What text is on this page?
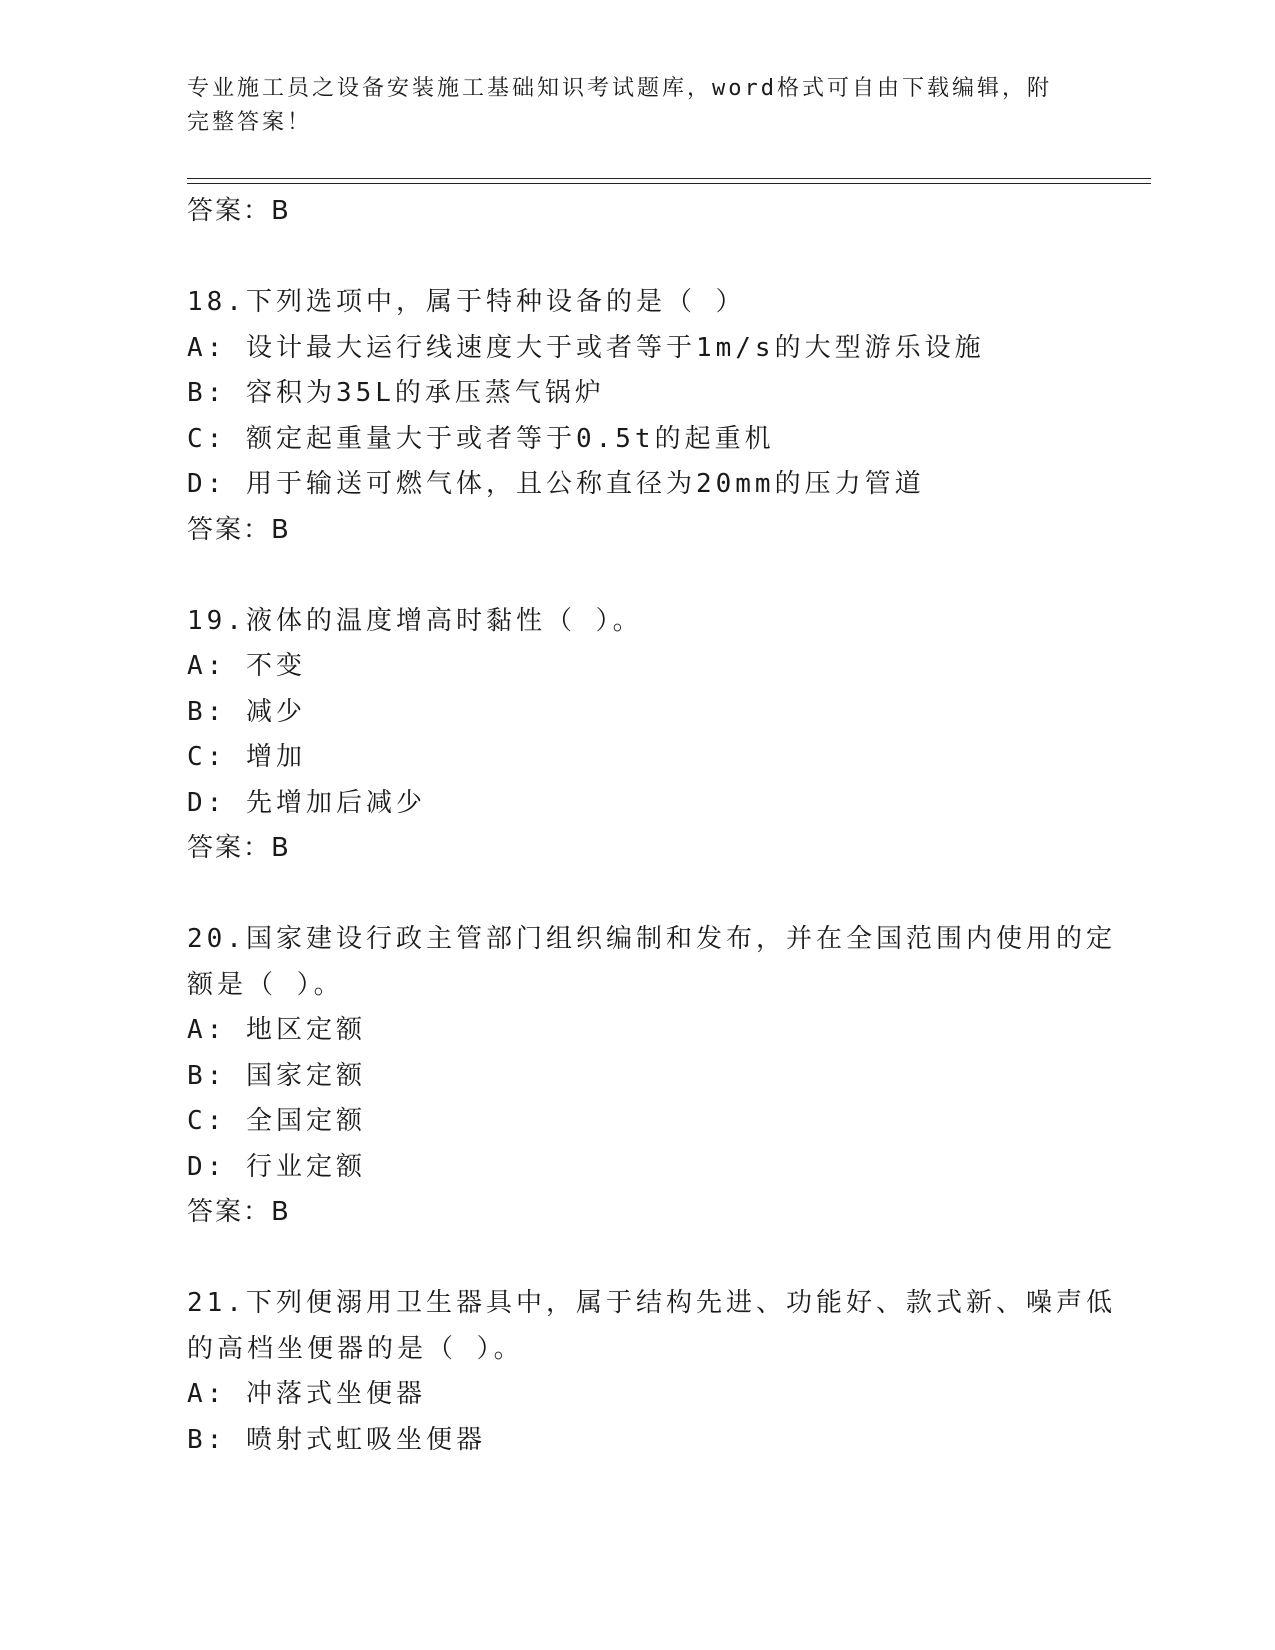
专业施工员之设备安装施工基础知识考试题库，word格式可自由下载编辑，附完整答案！
答案：B
18.下列选项中，属于特种设备的是（ ）
A: 设计最大运行线速度大于或者等于1m/s的大型游乐设施
B: 容积为35L的承压蒸气锅炉
C: 额定起重量大于或者等于0.5t的起重机
D: 用于输送可燃气体，且公称直径为20mm的压力管道
答案：B
19.液体的温度增高时黏性（ ）。
A: 不变
B: 减少
C: 增加
D: 先增加后减少
答案：B
20.国家建设行政主管部门组织编制和发布，并在全国范围内使用的定
额是（ ）。
A: 地区定额
B: 国家定额
C: 全国定额
D: 行业定额
答案：B
21.下列便溺用卫生器具中，属于结构先进、功能好、款式新、噪声低
的高档坐便器的是（ ）。
A: 冲落式坐便器
B: 喷射式虹吸坐便器
